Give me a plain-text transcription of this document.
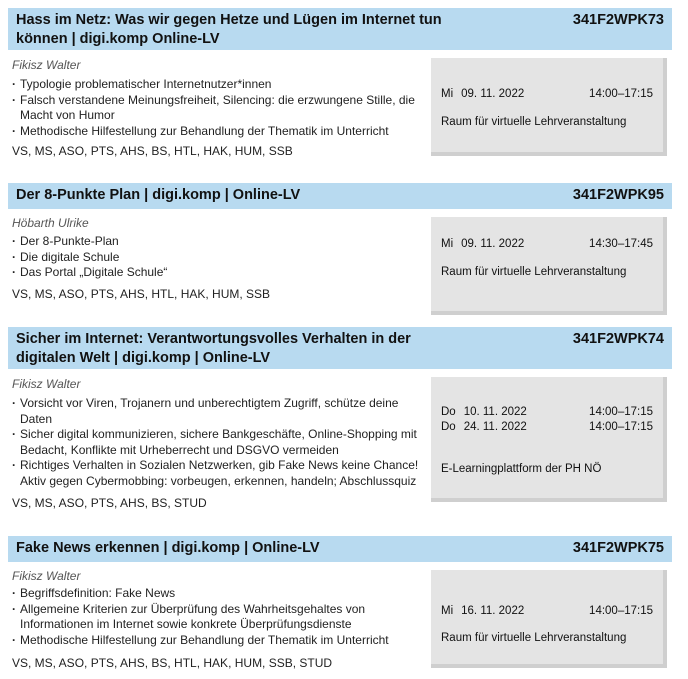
Hass im Netz: Was wir gegen Hetze und Lügen im Internet tun können | digi.komp Online-LV
341F2WPK73
Fikisz Walter
· Typologie problematischer Internetnutzer*innen
· Falsch verstandene Meinungsfreiheit, Silencing: die erzwungene Stille, die Macht von Humor
· Methodische Hilfestellung zur Behandlung der Thematik im Unterricht
VS, MS, ASO, PTS, AHS, BS, HTL, HAK, HUM, SSB
Mi 09. 11. 2022	14:00–17:15
Raum für virtuelle Lehrveranstaltung
Der 8-Punkte Plan | digi.komp | Online-LV	341F2WPK95
Höbarth Ulrike
· Der 8-Punkte-Plan
· Die digitale Schule
· Das Portal „Digitale Schule“
VS, MS, ASO, PTS, AHS, HTL, HAK, HUM, SSB
Mi 09. 11. 2022	14:30–17:45
Raum für virtuelle Lehrveranstaltung
Sicher im Internet: Verantwortungsvolles Verhalten in der digitalen Welt | digi.komp | Online-LV
341F2WPK74
Fikisz Walter
· Vorsicht vor Viren, Trojanern und unberechtigtem Zugriff, schütze deine Daten
· Sicher digital kommunizieren, sichere Bankgeschäfte, Online-Shopping mit Bedacht, Konflikte mit Urheberrecht und DSGVO vermeiden
· Richtiges Verhalten in Sozialen Netzwerken, gib Fake News keine Chance! Aktiv gegen Cybermobbing: vorbeugen, erkennen, handeln; Abschlussquiz
VS, MS, ASO, PTS, AHS, BS, STUD
Do 10. 11. 2022	14:00–17:15
Do 24. 11. 2022	14:00–17:15
E-Learningplattform der PH NÖ
Fake News erkennen | digi.komp | Online-LV	341F2WPK75
Fikisz Walter
· Begriffsdefinition: Fake News
· Allgemeine Kriterien zur Überprüfung des Wahrheitsgehaltes von Informationen im Internet sowie konkrete Überprüfungsdienste
· Methodische Hilfestellung zur Behandlung der Thematik im Unterricht
VS, MS, ASO, PTS, AHS, BS, HTL, HAK, HUM, SSB, STUD
Mi 16. 11. 2022	14:00–17:15
Raum für virtuelle Lehrveranstaltung
